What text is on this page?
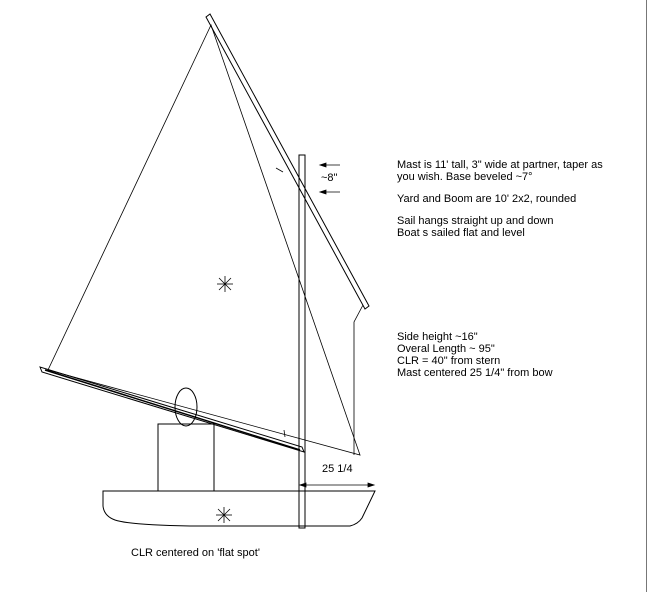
~8"
25 1/4
Mast is 11' tall, 3" wide at partner, taper as
you wish. Base beveled ~7°
Yard and Boom are 10' 2x2, rounded
Sail hangs straight up and down
Boat s sailed flat and level
Side height ~16"
Overal Length ~ 95"
CLR = 40" from stern
Mast centered 25 1/4" from bow
CLR centered on 'flat spot'
